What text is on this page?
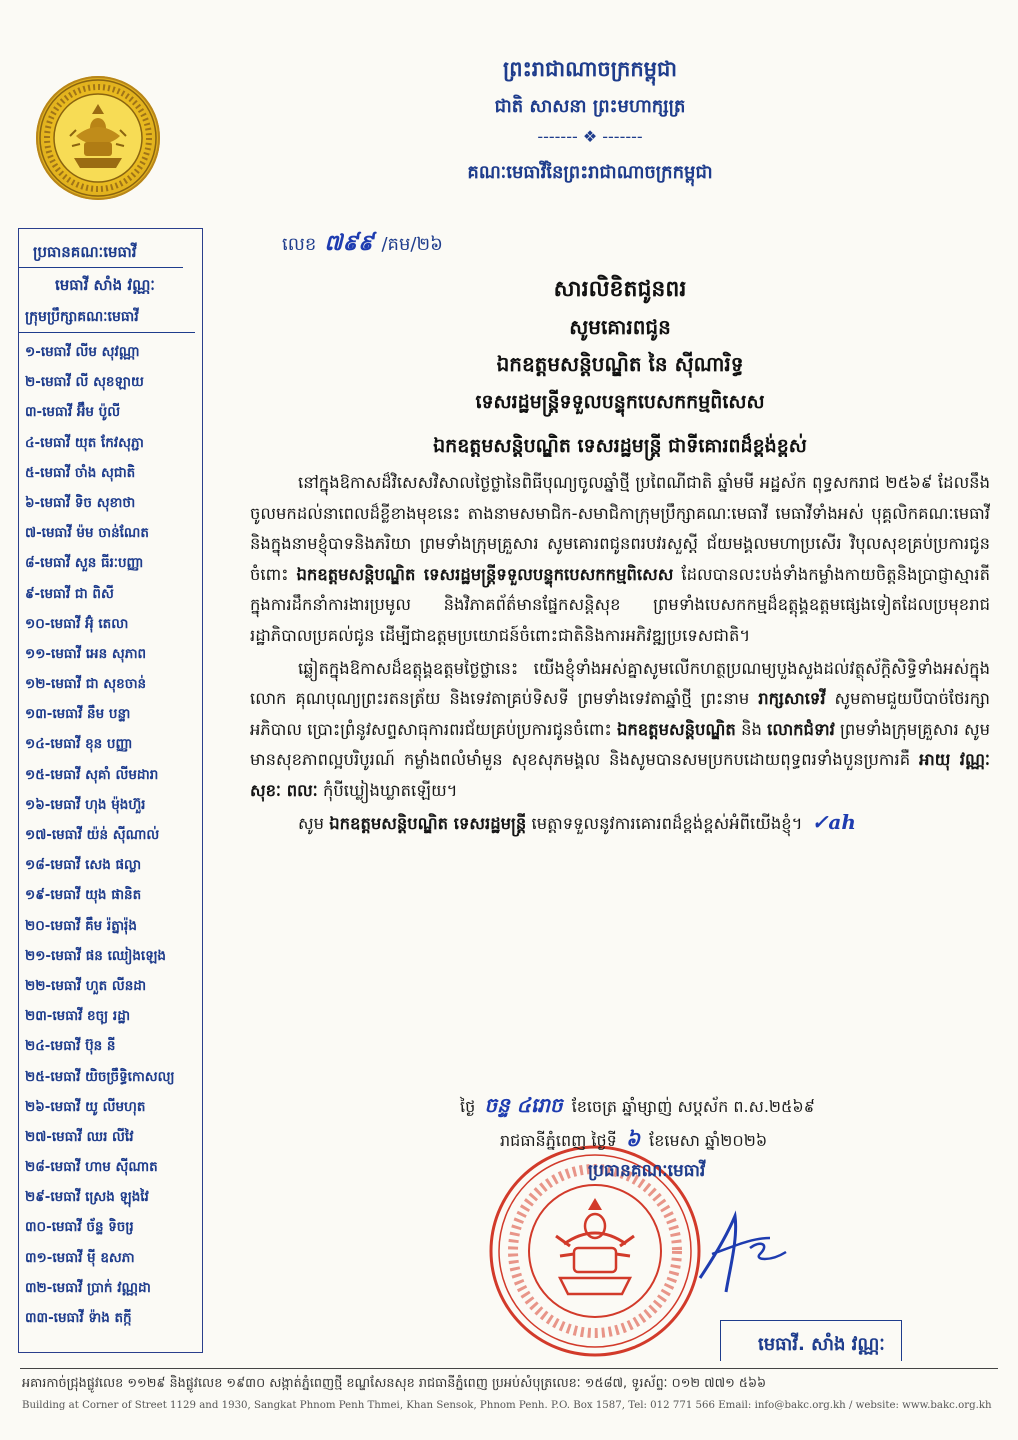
ព្រះរាជាណាចក្រកម្ពុជា
ជាតិ សាសនា ព្រះមហាក្សត្រ
------- ❖ -------
គណៈមេធាវីនៃព្រះរាជាណាចក្រកម្ពុជា
ប្រធានគណៈមេធាវី
មេធាវី សាំង វណ្ណៈ
ក្រុមប្រឹក្សាគណៈមេធាវី
១-មេធាវី លីម សុវណ្ណា
២-មេធាវី លី សុខឡាយ
៣-មេធាវី អ៊ឹម ប៉ូលី
៤-មេធាវី យុត កែវសុភ្ជា
៥-មេធាវី ចាំង សុជាតិ
៦-មេធាវី ទិច សុខាថា
៧-មេធាវី ម៉ម ចាន់ណែត
៨-មេធាវី សួន ធីរៈបញ្ញា
៩-មេធាវី ជា ពិសី
១០-មេធាវី អ៊ុំ តេលា
១១-មេធាវី អេន សុភាព
១២-មេធាវី ជា សុខចាន់
១៣-មេធាវី នឹម បន្ទា
១៤-មេធាវី ខុន បញ្ញា
១៥-មេធាវី សុគាំ លីមដារា
១៦-មេធាវី ហុង ម៉ុងហ៊ួរ
១៧-មេធាវី យ៉ន់ ស៊ីណាល់
១៨-មេធាវី សេង ផល្លា
១៩-មេធាវី យុង ផានិត
២០-មេធាវី គឹម រ៉ត្នារ៉ុង
២១-មេធាវី ផន ឈៀងឡេង
២២-មេធាវី ហួត លីនដា
២៣-មេធាវី ខចុ្យ រដ្ឋា
២៤-មេធាវី ប៊ុន នី
២៥-មេធាវី យិចច្រឹទ្ធិកោសល្យ
២៦-មេធាវី យូ លីមហុត
២៧-មេធាវី ឈរ លីវៃ
២៨-មេធាវី ហាម ស៊ីណាត
២៩-មេធាវី ស្រេង ឡុងវៃ
៣០-មេធាវី ច័ន្ទ ទិចរ្រ
៣១-មេធាវី ម៉ី ឧសភា
៣២-មេធាវី ប្រាក់ វណ្ណដា
៣៣-មេធាវី ទ៉ាង តក្កី
លេខ ៧៩៩ /គម/២៦
សារលិខិតជូនពរ
សូមគោរពជូន
ឯកឧត្តមសន្តិបណ្ឌិត នៃ ស៊ីណារិទ្ធ
ទេសរដ្ឋមន្ត្រីទទួលបន្ទុកបេសកកម្មពិសេស
ឯកឧត្តមសន្តិបណ្ឌិត ទេសរដ្ឋមន្ត្រី ជាទីគោរពដ៏ខ្ពង់ខ្ពស់

នៅក្នុងឱកាសដ៏វិសេសវិសាលថ្ងៃថ្លានៃពិធីបុណ្យចូលឆ្នាំថ្មី ប្រពៃណីជាតិ ឆ្នាំមមី អដ្ឋស័ក ពុទ្ធសករាជ ២៥៦៩ ដែលនឹងចូលមកដល់នាពេលដ៏ខ្លីខាងមុខនេះ តាងនាមសមាជិក-សមាជិកាក្រុមប្រឹក្សាគណៈមេធាវី មេធាវីទាំងអស់ បុគ្គលិកគណៈមេធាវីនិងក្នុងនាមខ្ញុំបាទនិងភរិយា ព្រមទាំងក្រុមគ្រួសារ សូមគោរពជូនពរបវរសួស្តី ជ័យមង្គលមហាប្រសើរ វិបុលសុខគ្រប់ប្រការជូនចំពោះ ឯកឧត្តមសន្តិបណ្ឌិត ទេសរដ្ឋមន្ត្រីទទួលបន្ទុកបេសកកម្មពិសេស ដែលបានលះបង់ទាំងកម្លាំងកាយចិត្តនិងប្រាជ្ញាស្មារតីក្នុងការដឹកនាំការងារប្រមូល និងវិភាគព័ត៌មានផ្នែកសន្តិសុខ ព្រមទាំងបេសកកម្មដ៏ឧត្តុង្គឧត្តមផ្សេងទៀតដែលប្រមុខរាជរដ្ឋាភិបាលប្រគល់ជូន ដើម្បីជាឧត្តមប្រយោជន៍ចំពោះជាតិនិងការអភិវឌ្ឍប្រទេសជាតិ។

ឆ្លៀតក្នុងឱកាសដ៏ឧត្តុង្គឧត្តមថ្ងៃថ្លានេះ យើងខ្ញុំទាំងអស់គ្នាសូមលើកហត្ថប្រណម្យបួងសួងដល់វត្ថុស័ក្តិសិទ្ធិទាំងអស់ក្នុងលោក គុណបុណ្យព្រះរតនត្រ័យ និងទេវតាគ្រប់ទិសទី ព្រមទាំងទេវតាឆ្នាំថ្មី ព្រះនាម រាក្សសាទេវី សូមតាមជួយបីបាច់ថែរក្សាអភិបាល ប្រោះព្រំនូវសព្ទសាធុការពរជ័យគ្រប់ប្រការជូនចំពោះ ឯកឧត្តមសន្តិបណ្ឌិត និង លោកជំទាវ ព្រមទាំងក្រុមគ្រួសារ សូមមានសុខភាពល្អបរិបូរណ៍ កម្លាំងពលំមាំមួន សុខសុភមង្គល និងសូមបានសមប្រកបដោយពុទ្ធពរទាំងបួនប្រការគឺ អាយុ វណ្ណៈ សុខៈ ពលៈ កុំបីឃ្លៀងឃ្លាតឡើយ។

សូម ឯកឧត្តមសន្តិបណ្ឌិត ទេសរដ្ឋមន្ត្រី មេត្តាទទួលនូវការគោរពដ៏ខ្ពង់ខ្ពស់អំពីយើងខ្ញុំ។ ✓ah

ថ្ងៃ ចន្ទ ៤រោច ខែចេត្រ ឆ្នាំម្សាញ់ សប្តស័ក ព.ស.២៥៦៩
រាជធានីភ្នំពេញ ថ្ងៃទី ៦ ខែមេសា ឆ្នាំ២០២៦
ប្រធានគណៈមេធាវី
មេធាវី. សាំង វណ្ណៈ
អគារកាច់ជ្រុងផ្លូវលេខ ១១២៩ និងផ្លូវលេខ ១៩៣០ សង្កាត់ភ្នំពេញថ្មី ខណ្ឌសែនសុខ រាជធានីភ្នំពេញ ប្រអប់សំបុត្រលេខៈ ១៥៨៧, ទូរស័ព្ទៈ ០១២ ៧៧១ ៥៦៦
Building at Corner of Street 1129 and 1930, Sangkat Phnom Penh Thmei, Khan Sensok, Phnom Penh. P.O. Box 1587, Tel: 012 771 566 Email: info@bakc.org.kh / website: www.bakc.org.kh
